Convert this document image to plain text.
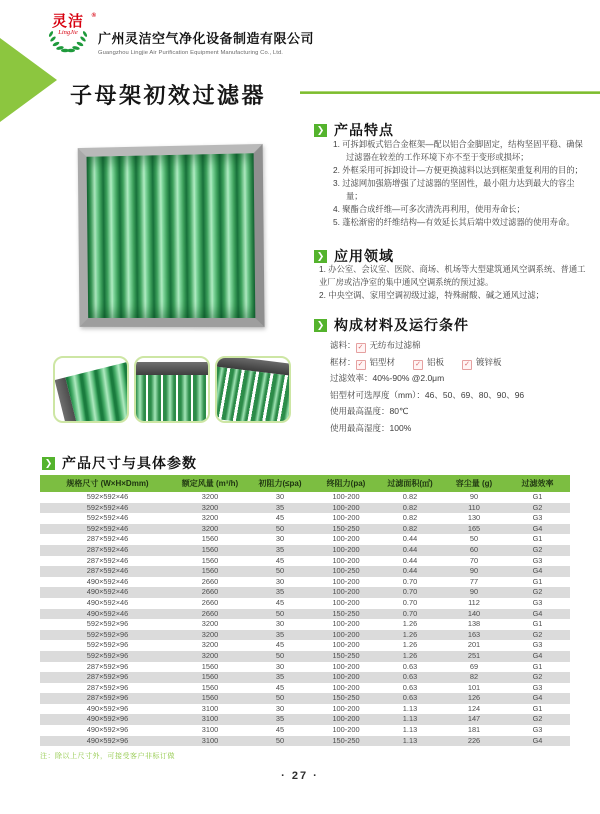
灵洁	®
LingJie	广州灵洁空气净化设备制造有限公司
Guangzhou Lingjie Air Purification Equipment Manufacturing Co., Ltd.
子母架初效过滤器
❯ 产品特点
1. 可拆卸板式铝合金框架—配以铝合金脚固定，结构坚固平稳、确保过滤器在较差的工作环境下亦不至于变形或损坏；
2. 外框采用可拆卸设计—方便更换滤料以达到框架重复利用的目的；
3. 过滤网加强筋增强了过滤器的坚固性，最小阻力达到最大的容尘量；
4. 聚酯合成纤维—可多次清洗再利用，使用寿命长；
5. 蓬松渐密的纤维结构—有效延长其后端中效过滤器的使用寿命。
❯ 应用领域
1. 办公室、会议室、医院、商场、机场等大型建筑通风空调系统、普通工业厂房或洁净室的集中通风空调系统的预过滤。
2. 中央空调、家用空调初级过滤，特殊耐酸、碱之通风过滤；
❯ 构成材料及运行条件
滤料： ✓ 无纺布过滤棉
框材： ✓ 铝型材	✓ 铝板	✓ 镀锌板
过滤效率：40%-90% @2.0μm
铝型材可选厚度（mm）：46、50、69、80、90、96
使用最高温度：80℃
使用最高湿度：100%
❯ 产品尺寸与具体参数
规格尺寸 (W×H×Dmm)	额定风量 (m³/h)	初阻力(≤pa)	终阻力(pa)	过滤面积(㎡)	容尘量 (g)	过滤效率
592×592×46	3200	30	100-200	0.82	90	G1
592×592×46	3200	35	100-200	0.82	110	G2
592×592×46	3200	45	100-200	0.82	130	G3
592×592×46	3200	50	150-250	0.82	165	G4
287×592×46	1560	30	100-200	0.44	50	G1
287×592×46	1560	35	100-200	0.44	60	G2
287×592×46	1560	45	100-200	0.44	70	G3
287×592×46	1560	50	100-250	0.44	90	G4
490×592×46	2660	30	100-200	0.70	77	G1
490×592×46	2660	35	100-200	0.70	90	G2
490×592×46	2660	45	100-200	0.70	112	G3
490×592×46	2660	50	150-250	0.70	140	G4
592×592×96	3200	30	100-200	1.26	138	G1
592×592×96	3200	35	100-200	1.26	163	G2
592×592×96	3200	45	100-200	1.26	201	G3
592×592×96	3200	50	150-250	1.26	251	G4
287×592×96	1560	30	100-200	0.63	69	G1
287×592×96	1560	35	100-200	0.63	82	G2
287×592×96	1560	45	100-200	0.63	101	G3
287×592×96	1560	50	150-250	0.63	126	G4
490×592×96	3100	30	100-200	1.13	124	G1
490×592×96	3100	35	100-200	1.13	147	G2
490×592×96	3100	45	100-200	1.13	181	G3
490×592×96	3100	50	150-250	1.13	226	G4
注：除以上尺寸外，可接受客户非标订做
· 27 ·
